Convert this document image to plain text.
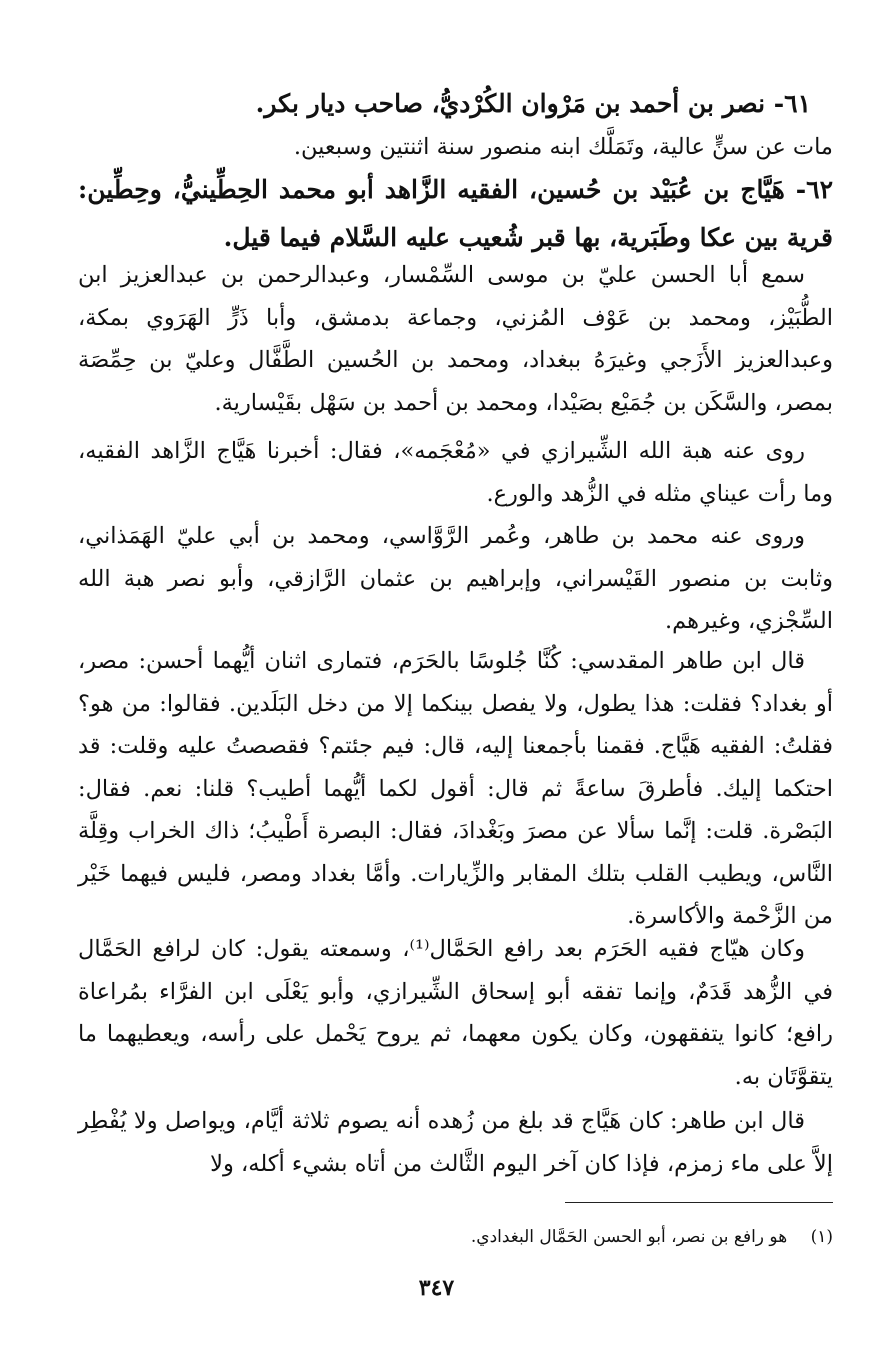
٦١- نصر بن أحمد بن مَرْوان الكُرْديُّ، صاحب ديار بكر.

مات عن سنٍّ عالية، وتَمَلَّك ابنه منصور سنة اثنتين وسبعين.

٦٢- هَيَّاج بن عُبَيْد بن حُسين، الفقيه الزَّاهد أبو محمد الحِطِّينيُّ، وحِطِّين: قرية بين عكا وطَبَرية، بها قبر شُعيب عليه السَّلام فيما قيل.

سمع أبا الحسن عليّ بن موسى السِّمْسار، وعبدالرحمن بن عبدالعزيز ابن الطُّبَيْز، ومحمد بن عَوْف المُزني، وجماعة بدمشق، وأبا ذَرٍّ الهَرَوي بمكة، وعبدالعزيز الأَزَجي وغيرَهُ ببغداد، ومحمد بن الحُسين الطَّفَّال وعليّ بن حِمِّصَة بمصر، والسَّكَن بن جُمَيْع بصَيْدا، ومحمد بن أحمد بن سَهْل بقَيْسارية.

روى عنه هبة الله الشِّيرازي في «مُعْجَمه»، فقال: أخبرنا هَيَّاج الزَّاهد الفقيه، وما رأت عيناي مثله في الزُّهد والورع.

وروى عنه محمد بن طاهر، وعُمر الرَّوَّاسي، ومحمد بن أبي عليّ الهَمَذاني، وثابت بن منصور القَيْسراني، وإبراهيم بن عثمان الرَّازقي، وأبو نصر هبة الله السِّجْزي، وغيرهم.

قال ابن طاهر المقدسي: كُنَّا جُلوسًا بالحَرَم، فتمارى اثنان أيُّهما أحسن: مصر، أو بغداد؟ فقلت: هذا يطول، ولا يفصل بينكما إلا من دخل البَلَدين. فقالوا: من هو؟ فقلتُ: الفقيه هَيَّاج. فقمنا بأجمعنا إليه، قال: فيم جئتم؟ فقصصتُ عليه وقلت: قد احتكما إليك. فأطرقَ ساعةً ثم قال: أقول لكما أيُّهما أطيب؟ قلنا: نعم. فقال: البَصْرة. قلت: إنَّما سألا عن مصرَ وبَغْدادَ، فقال: البصرة أَطْيبُ؛ ذاك الخراب وقِلَّة النَّاس، ويطيب القلب بتلك المقابر والزِّيارات. وأمَّا بغداد ومصر، فليس فيهما خَيْر من الزَّحْمة والأكاسرة.

وكان هيّاج فقيه الحَرَم بعد رافع الحَمَّال⁽¹⁾، وسمعته يقول: كان لرافع الحَمَّال في الزُّهد قَدَمٌ، وإنما تفقه أبو إسحاق الشِّيرازي، وأبو يَعْلَى ابن الفرَّاء بمُراعاة رافع؛ كانوا يتفقهون، وكان يكون معهما، ثم يروح يَحْمل على رأسه، ويعطيهما ما يتقوَّتَان به.

قال ابن طاهر: كان هَيَّاج قد بلغ من زُهده أنه يصوم ثلاثة أيَّام، ويواصل ولا يُفْطِر إلاَّ على ماء زمزم، فإذا كان آخر اليوم الثَّالث من أتاه بشيء أكله، ولا

(١) هو رافع بن نصر، أبو الحسن الحَمَّال البغدادي.

٣٤٧
